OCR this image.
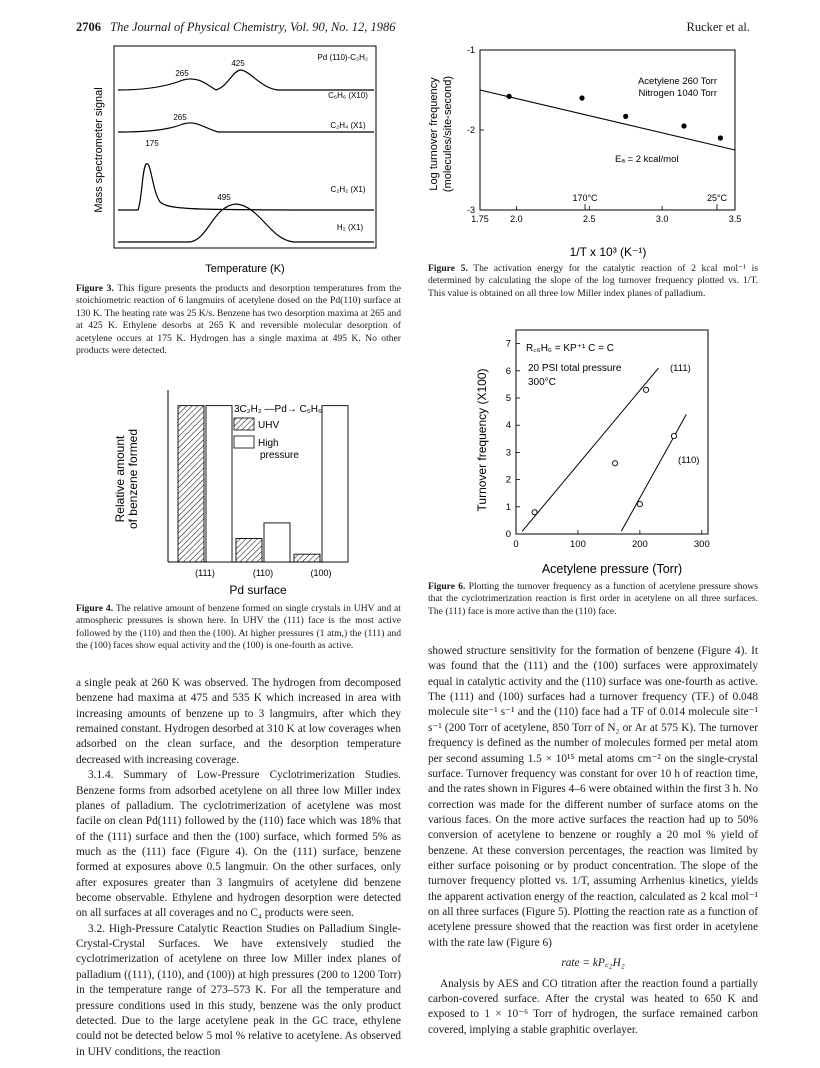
2706 The Journal of Physical Chemistry, Vol. 90, No. 12, 1986	Rucker et al.
Mass spectrometer signal
Pd (110)-C₂H₂
265
425
C₆H₆ (X10)
265
C₂H₄ (X1)
175
C₂H₂ (X1)
495
H₂ (X1)
Temperature (K)
Figure 3. This figure presents the products and desorption temperatures from the stoichiometric reaction of 6 langmuirs of acetylene dosed on the Pd(110) surface at 130 K. The heating rate was 25 K/s. Benzene has two desorption maxima at 265 and at 425 K. Ethylene desorbs at 265 K and reversible molecular desorption of acetylene occurs at 175 K. Hydrogen has a single maxima at 495 K. No other products were detected.
Relative amount of benzene formed
(111)	(110)	(100)
3C₂H₂ —Pd→ C₆H₆
UHV
High
pressure
Pd surface
Figure 4. The relative amount of benzene formed on single crystals in UHV and at atmospheric pressures is shown here. In UHV the (111) face is the most active followed by the (110) and then the (100). At higher pressures (1 atm,) the (111) and the (100) faces show equal activity and the (100) is one-fourth as active.

a single peak at 260 K was observed. The hydrogen from decomposed benzene had maxima at 475 and 535 K which increased in area with increasing amounts of benzene up to 3 langmuirs, after which they remained constant. Hydrogen desorbed at 310 K at low coverages when adsorbed on the clean surface, and the desorption temperature decreased with increasing coverage.

3.1.4. Summary of Low-Pressure Cyclotrimerization Studies. Benzene forms from adsorbed acetylene on all three low Miller index planes of palladium. The cyclotrimerization of acetylene was most facile on clean Pd(111) followed by the (110) face which was 18% that of the (111) surface and then the (100) surface, which formed 5% as much as the (111) face (Figure 4). On the (111) surface, benzene formed at exposures above 0.5 langmuir. On the other surfaces, only after exposures greater than 3 langmuirs of acetylene did benzene become observable. Ethylene and hydrogen desorption were detected on all surfaces at all coverages and no C₄ products were seen.

3.2. High-Pressure Catalytic Reaction Studies on Palladium Single-Crystal-Crystal Surfaces. We have extensively studied the cyclotrimerization of acetylene on three low Miller index planes of palladium ((111), (110), and (100)) at high pressures (200 to 1200 Torr) in the temperature range of 273–573 K. For all the temperature and pressure conditions used in this study, benzene was the only product detected. Due to the large acetylene peak in the GC trace, ethylene could not be detected below 5 mol % relative to acetylene. As observed in UHV conditions, the reaction

Log turnover frequency (molecules/site-second)
1.75 2.0	2.5	3.0	3.5
-1
-2
-3
Acetylene 260 Torr
Nitrogen 1040 Torr
Eₐ = 2 kcal/mol
170°C	25°C
1/T x 10³ (K⁻¹)
Figure 5. The activation energy for the catalytic reaction of 2 kcal mol⁻¹ is determined by calculating the slope of the log turnover frequency plotted vs. 1/T. This value is obtained on all three low Miller index planes of palladium.
Turnover frequency (X100)
0	100	200	300
0
1
2
3
4
5
6
7 R꜀₆H₆ = KP⁺¹ C = C
20 PSI total pressure
300°C
(111)
(110)
Acetylene pressure (Torr)
Figure 6. Plotting the turnover frequency as a function of acetylene pressure shows that the cyclotrimerization reaction is first order in acetylene on all three surfaces. The (111) face is more active than the (110) face.

showed structure sensitivity for the formation of benzene (Figure 4). It was found that the (111) and the (100) surfaces were approximately equal in catalytic activity and the (110) surface was one-fourth as active. The (111) and (100) surfaces had a turnover frequency (TF.) of 0.048 molecule site⁻¹ s⁻¹ and the (110) face had a TF of 0.014 molecule site⁻¹ s⁻¹ (200 Torr of acetylene, 850 Torr of N₂ or Ar at 575 K). The turnover frequency is defined as the number of molecules formed per metal atom per second assuming 1.5 × 10¹⁵ metal atoms cm⁻² on the single-crystal surface. Turnover frequency was constant for over 10 h of reaction time, and the rates shown in Figures 4–6 were obtained within the first 3 h. No correction was made for the different number of surface atoms on the various faces. On the more active surfaces the reaction had up to 50% conversion of acetylene to benzene or roughly a 20 mol % yield of benzene. At these conversion percentages, the reaction was limited by either surface poisoning or by product concentration. The slope of the turnover frequency plotted vs. 1/T, assuming Arrhenius kinetics, yields the apparent activation energy of the reaction, calculated as 2 kcal mol⁻¹ on all three surfaces (Figure 5). Plotting the reaction rate as a function of acetylene pressure showed that the reaction was first order in acetylene with the rate law (Figure 6)

rate = kP꜀₂H₂

Analysis by AES and CO titration after the reaction found a partially carbon-covered surface. After the crystal was heated to 650 K and exposed to 1 × 10⁻⁶ Torr of hydrogen, the surface remained carbon covered, implying a stable graphitic overlayer.
